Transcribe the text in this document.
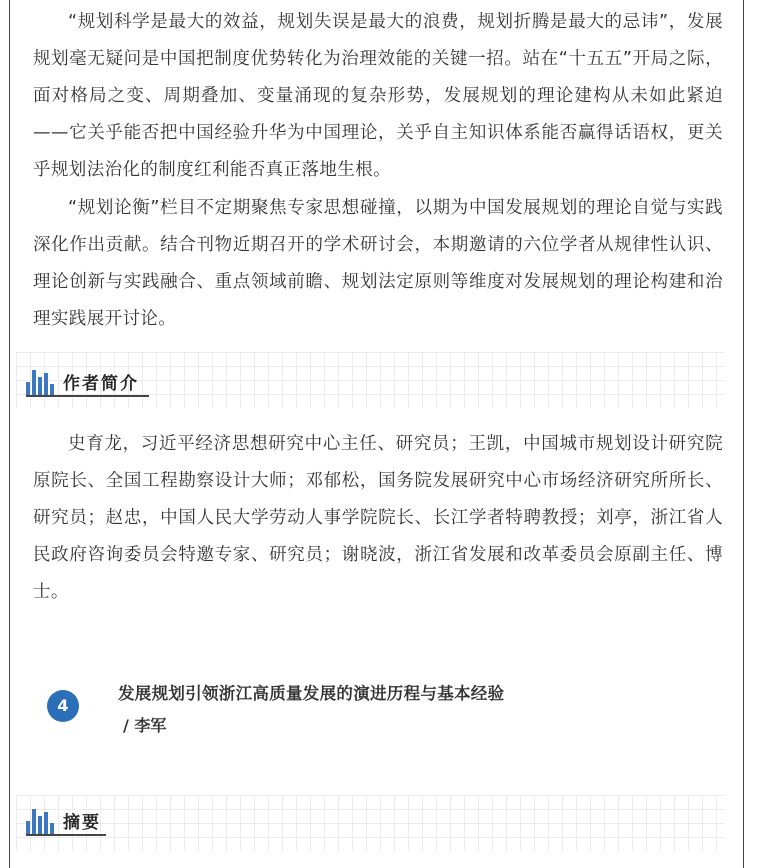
“规划科学是最大的效益，规划失误是最大的浪费，规划折腾是最大的忌讳”，发展规划毫无疑问是中国把制度优势转化为治理效能的关键一招。站在“十五五”开局之际，面对格局之变、周期叠加、变量涌现的复杂形势，发展规划的理论建构从未如此紧迫——它关乎能否把中国经验升华为中国理论，关乎自主知识体系能否赢得话语权，更关乎规划法治化的制度红利能否真正落地生根。

“规划论衡”栏目不定期聚焦专家思想碰撞，以期为中国发展规划的理论自觉与实践深化作出贡献。结合刊物近期召开的学术研讨会，本期邀请的六位学者从规律性认识、理论创新与实践融合、重点领域前瞻、规划法定原则等维度对发展规划的理论构建和治理实践展开讨论。

作者简介

史育龙，习近平经济思想研究中心主任、研究员；王凯，中国城市规划设计研究院原院长、全国工程勘察设计大师；邓郁松，国务院发展研究中心市场经济研究所所长、研究员；赵忠，中国人民大学劳动人事学院院长、长江学者特聘教授；刘亭，浙江省人民政府咨询委员会特邀专家、研究员；谢晓波，浙江省发展和改革委员会原副主任、博士。

4
发展规划引领浙江高质量发展的演进历程与基本经验
/ 李军
摘要
